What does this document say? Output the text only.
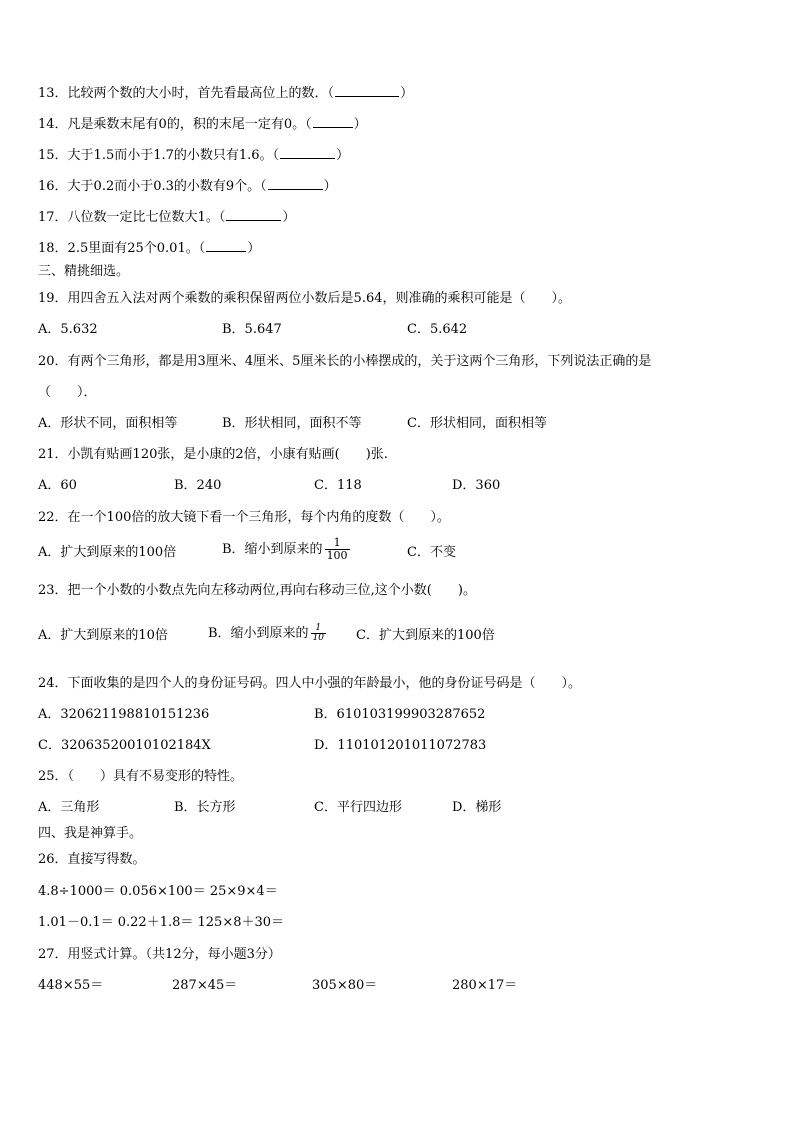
13．比较两个数的大小时，首先看最高位上的数．（	）
14．凡是乘数末尾有0的，积的末尾一定有0。（	）
15．大于1.5而小于1.7的小数只有1.6。（	）
16．大于0.2而小于0.3的小数有9个。（	）
17．八位数一定比七位数大1。（	）
18．2.5里面有25个0.01。（	）
三、精挑细选。
19．用四舍五入法对两个乘数的乘积保留两位小数后是5.64，则准确的乘积可能是（　　）。
A．5.632	B．5.647	C．5.642
20．有两个三角形，都是用3厘米、4厘米、5厘米长的小棒摆成的，关于这两个三角形，下列说法正确的是
（　　）．
A．形状不同，面积相等	B．形状相同，面积不等	C．形状相同，面积相等
21．小凯有贴画120张，是小康的2倍，小康有贴画(　　)张.
A．60	B．240	C．118	D．360
22．在一个100倍的放大镜下看一个三角形，每个内角的度数（　　）。
A．扩大到原来的100倍	B．缩小到原来的 $\frac{1}{100}$	C．不变
23．把一个小数的小数点先向左移动两位,再向右移动三位,这个小数(　　)。
A．扩大到原来的10倍	B．缩小到原来的 $\frac{1}{10}$ C．扩大到原来的100倍
24．下面收集的是四个人的身份证号码。四人中小强的年龄最小，他的身份证号码是（　　）。
A．320621198810151236	B．610103199903287652
C．32063520010102184X	D．110101201011072783
25．（　　）具有不易变形的特性。
A．三角形	B．长方形	C．平行四边形	D．梯形
四、我是神算手。
26．直接写得数。
4.8÷1000＝ 0.056×100＝ 25×9×4＝
1.01－0.1＝ 0.22＋1.8＝ 125×8＋30＝
27．用竖式计算。（共12分，每小题3分）
448×55＝	287×45＝	305×80＝	280×17＝
